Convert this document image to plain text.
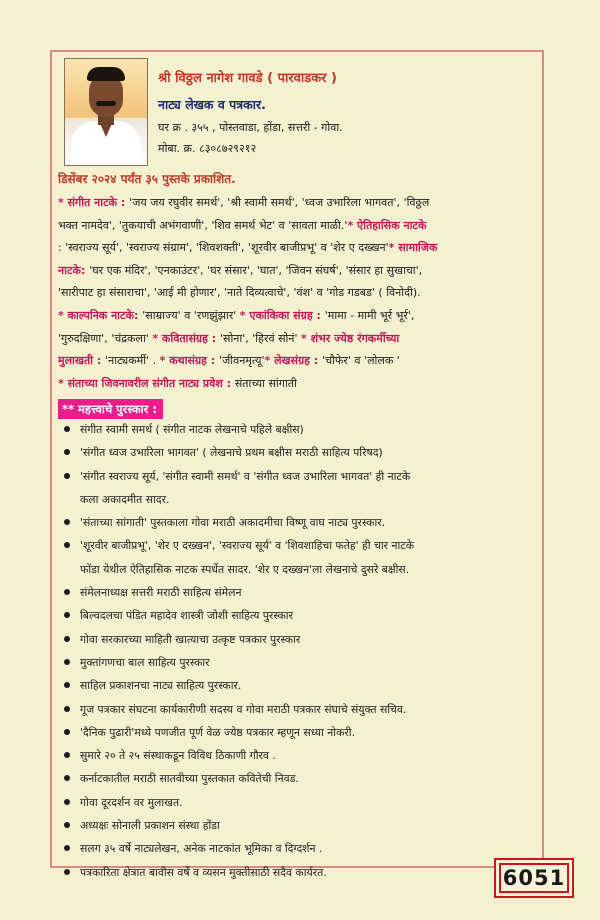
श्री विठ्ठल नागेश गावडे ( पारवाडकर )
नाट्य लेखक व पत्रकार.
घर क्र . ३५५ , पोस्तवाडा, होंडा, सत्तरी - गोवा.
मोबा. क्र. ८३०८७२९२१२
डिसेंबर २०२४ पर्यंत ३५ पुस्तके प्रकाशित.
* संगीत नाटके : 'जय जय रघुवीर समर्थ', 'श्री स्वामी समर्थ', 'ध्वज उभारिला भागवत', 'विठ्ठल
भक्त नामदेव', 'तुकयाची अभंगवाणी', 'शिव समर्थ भेट' व 'सावता माळी.'* ऐतिहासिक नाटके
: 'स्वराज्य सूर्य', 'स्वराज्य संग्राम', 'शिवशक्ती', 'शूरवीर बाजीप्रभू' व 'शेर ए दख्खन'* सामाजिक
नाटके: 'घर एक मंदिर', 'एनकाउंटर', 'घर संसार', 'घात', 'जिवन संघर्ष', 'संसार हा सुखाचा',
'सारीपाट हा संसाराचा', 'आई मी होणार', 'नाते दिव्यत्वाचे', 'वंश' व 'गोड गडबड' ( विनोदी).
* काल्पनिक नाटके: 'साम्राज्य' व 'रणझुंझार' * एकांकिका संग्रह : 'मामा - मामी भूर्र भूर्र',
'गुरुदक्षिणा', 'चंद्रकला' * कवितासंग्रह : 'सोना', 'हिरवं सोनं' * शंभर ज्येष्ठ रंगकर्मीच्या
मुलाखती : 'नाट्यकर्मी' . * कथासंग्रह : 'जीवनमृत्यू'* लेखसंग्रह : 'चौफेर' व 'लोलक '
* संताच्या जिवनावरील संगीत नाट्य प्रवेश : संताच्या सांगाती
** महत्त्वाचे पुरस्कार :
संगीत स्वामी समर्थ ( संगीत नाटक लेखनाचे पहिले बक्षीस)
'संगीत ध्वज उभारिला भागवत' ( लेखनाचे प्रथम बक्षीस मराठी साहित्य परिषद)
'संगीत स्वराज्य सूर्य, 'संगीत स्वामी समर्थ' व 'संगीत ध्वज उभारिला भागवत' ही नाटके
कला अकादमीत सादर.
'संताच्या सांगाती' पुस्तकाला गोवा मराठी अकादमीचा विष्णू वाघ नाट्य पुरस्कार.
'शूरवीर बाजीप्रभू', 'शेर ए दख्खन', 'स्वराज्य सूर्य' व 'शिवशाहिचा फतेह' ही चार नाटके
फोंडा येथील ऐतिहासिक नाटक स्पर्धेत सादर. 'शेर ए दख्खन'ला लेखनाचे दुसरे बक्षीस.
संमेलनाध्यक्ष सत्तरी मराठी साहित्य संमेलन
बिल्वदलचा पंडित महादेव शास्त्री जोशी साहित्य पुरस्कार
गोवा सरकारच्या माहिती खात्याचा उत्कृष्ट पत्रकार पुरस्कार
मुक्तांगणचा बाल साहित्य पुरस्कार
साहिल प्रकाशनचा नाट्य साहित्य पुरस्कार.
गूज पत्रकार संघटना कार्यकारीणी सदस्य व गोवा मराठी पत्रकार संघाचे संयुक्त सचिव.
'दैनिक पुढारी'मध्ये पणजीत पूर्ण वेळ ज्येष्ठ पत्रकार म्हणून सध्या नोकरी.
सुमारे २० ते २५ संस्थाकडून विविध ठिकाणी गौरव .
कर्नाटकातील मराठी सातवीच्या पुस्तकात कवितेची निवड.
गोवा दूरदर्शन वर मुलाखत.
अध्यक्षः सोनाली प्रकाशन संस्था होंडा
सलग ३५ वर्षे नाट्यलेखन, अनेक नाटकांत भूमिका व दिग्दर्शन .
पत्रकारिता क्षेत्रात बावीस वर्षे व व्यसन मुक्तीसाठी सदैव कार्यरत.	6051
